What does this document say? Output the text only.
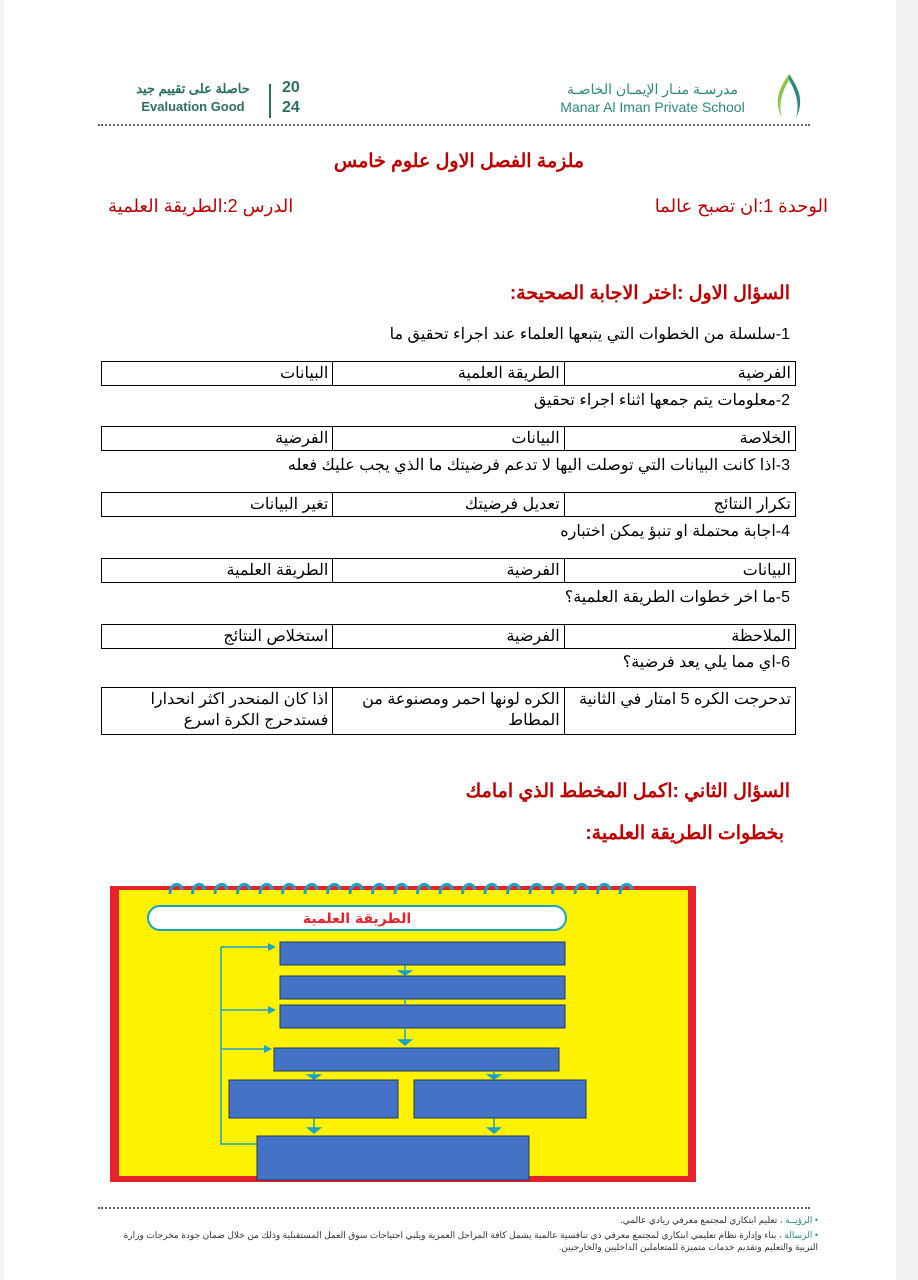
حاصلة على تقييم جيد
Evaluation Good
20
24
مدرسـة منـار الإيمـان الخاصـة
Manar Al Iman Private School
ملزمة الفصل الاول علوم خامس
الوحدة 1:ان تصبح عالما
الدرس 2:الطريقة العلمية
السؤال الاول :اختر الاجابة الصحيحة:
1-سلسلة من الخطوات التي يتبعها العلماء عند اجراء تحقيق ما
الفرضية	الطريقة العلمية	البيانات
2-معلومات يتم جمعها اثناء اجراء تحقيق
الخلاصة	البيانات	الفرضية
3-اذا كانت البيانات التي توصلت اليها لا تدعم فرضيتك ما الذي يجب عليك فعله
تكرار النتائج	تعديل فرضيتك	تغير البيانات
4-اجابة محتملة او تنبؤ يمكن اختباره
البيانات	الفرضية	الطريقة العلمية
5-ما اخر خطوات الطريقة العلمية؟
الملاحظة	الفرضية	استخلاص النتائج
6-اي مما يلي يعد فرضية؟
تدحرجت الكره 5 امتار في الثانية	الكره لونها احمر ومصنوعة من المطاط	اذا كان المنحدر اكثر انحدارا فستدحرج الكرة اسرع
السؤال الثاني :اكمل المخطط الذي امامك
بخطوات الطريقة العلمية:
الطريقة العلمية
• الرؤيــة ، تعليم ابتكاري لمجتمع معرفي ريادي عالمي.
• الرسالة ، بناء وإدارة نظام تعليمي ابتكاري لمجتمع معرفي ذي تنافسية عالمية يشمل كافة المراحل العمرية ويلبي احتياجات سوق العمل المستقبلية وذلك من خلال ضمان جودة مخرجات وزارة التربية والتعليم وتقديم خدمات متميزة للمتعاملين الداخليين والخارجيين.
